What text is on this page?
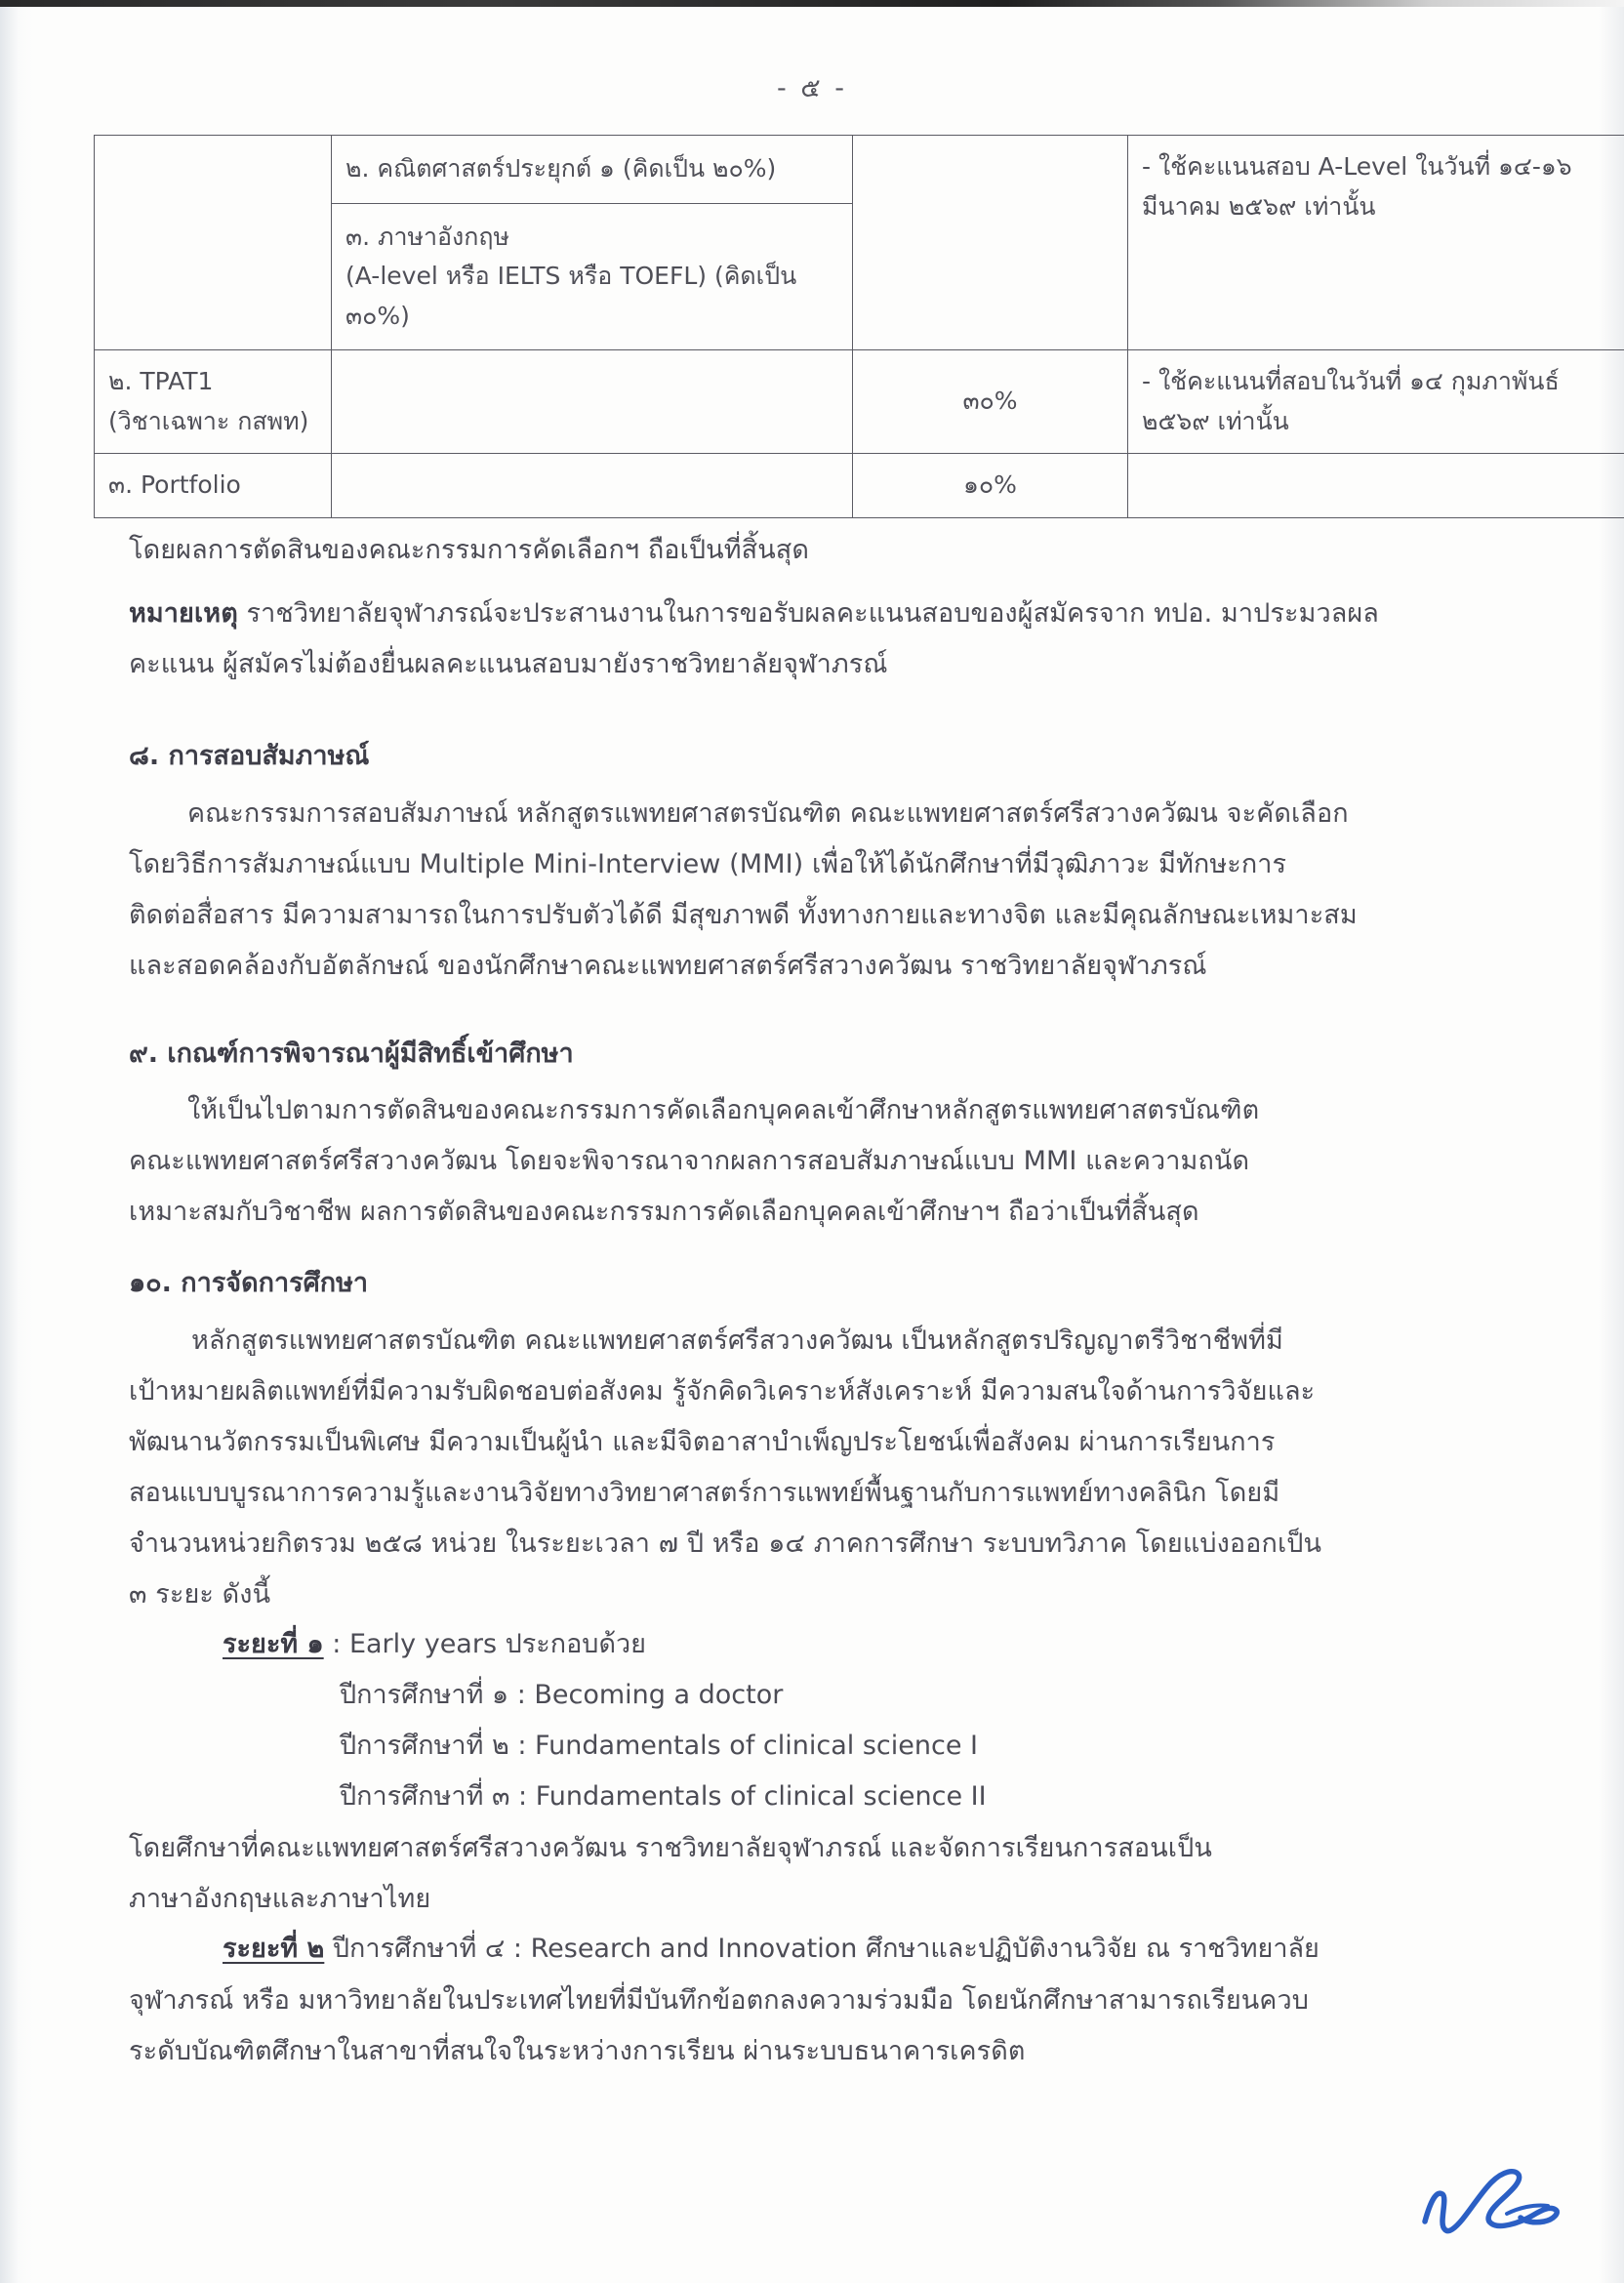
- ๕ -
	๒. คณิตศาสตร์ประยุกต์ ๑ (คิดเป็น ๒๐%)		- ใช้คะแนนสอบ A-Level ในวันที่ ๑๔-๑๖ มีนาคม ๒๕๖๙ เท่านั้น

	๓. ภาษาอังกฤษ
(A-level หรือ IELTS หรือ TOEFL) (คิดเป็น ๓๐%)		

๒. TPAT1
(วิชาเฉพาะ กสพท)		๓๐%	- ใช้คะแนนที่สอบในวันที่ ๑๔ กุมภาพันธ์ ๒๕๖๙ เท่านั้น
๓. Portfolio		๑๐%	
โดยผลการตัดสินของคณะกรรมการคัดเลือกฯ ถือเป็นที่สิ้นสุด
หมายเหตุ ราชวิทยาลัยจุฬาภรณ์จะประสานงานในการขอรับผลคะแนนสอบของผู้สมัครจาก ทปอ. มาประมวลผล
คะแนน ผู้สมัครไม่ต้องยื่นผลคะแนนสอบมายังราชวิทยาลัยจุฬาภรณ์
๘. การสอบสัมภาษณ์
คณะกรรมการสอบสัมภาษณ์ หลักสูตรแพทยศาสตรบัณฑิต คณะแพทยศาสตร์ศรีสวางควัฒน จะคัดเลือก
โดยวิธีการสัมภาษณ์แบบ Multiple Mini-Interview (MMI) เพื่อให้ได้นักศึกษาที่มีวุฒิภาวะ มีทักษะการ
ติดต่อสื่อสาร มีความสามารถในการปรับตัวได้ดี มีสุขภาพดี ทั้งทางกายและทางจิต และมีคุณลักษณะเหมาะสม
และสอดคล้องกับอัตลักษณ์ ของนักศึกษาคณะแพทยศาสตร์ศรีสวางควัฒน ราชวิทยาลัยจุฬาภรณ์
๙. เกณฑ์การพิจารณาผู้มีสิทธิ์เข้าศึกษา
ให้เป็นไปตามการตัดสินของคณะกรรมการคัดเลือกบุคคลเข้าศึกษาหลักสูตรแพทยศาสตรบัณฑิต
คณะแพทยศาสตร์ศรีสวางควัฒน โดยจะพิจารณาจากผลการสอบสัมภาษณ์แบบ MMI และความถนัด
เหมาะสมกับวิชาชีพ ผลการตัดสินของคณะกรรมการคัดเลือกบุคคลเข้าศึกษาฯ ถือว่าเป็นที่สิ้นสุด
๑๐. การจัดการศึกษา
หลักสูตรแพทยศาสตรบัณฑิต คณะแพทยศาสตร์ศรีสวางควัฒน เป็นหลักสูตรปริญญาตรีวิชาชีพที่มี
เป้าหมายผลิตแพทย์ที่มีความรับผิดชอบต่อสังคม รู้จักคิดวิเคราะห์สังเคราะห์ มีความสนใจด้านการวิจัยและ
พัฒนานวัตกรรมเป็นพิเศษ มีความเป็นผู้นำ และมีจิตอาสาบำเพ็ญประโยชน์เพื่อสังคม ผ่านการเรียนการ
สอนแบบบูรณาการความรู้และงานวิจัยทางวิทยาศาสตร์การแพทย์พื้นฐานกับการแพทย์ทางคลินิก โดยมี
จำนวนหน่วยกิตรวม ๒๕๘ หน่วย ในระยะเวลา ๗ ปี หรือ ๑๔ ภาคการศึกษา ระบบทวิภาค โดยแบ่งออกเป็น
๓ ระยะ ดังนี้
ระยะที่ ๑ : Early years ประกอบด้วย
ปีการศึกษาที่ ๑ : Becoming a doctor
ปีการศึกษาที่ ๒ : Fundamentals of clinical science I
ปีการศึกษาที่ ๓ : Fundamentals of clinical science II
โดยศึกษาที่คณะแพทยศาสตร์ศรีสวางควัฒน ราชวิทยาลัยจุฬาภรณ์ และจัดการเรียนการสอนเป็น
ภาษาอังกฤษและภาษาไทย
ระยะที่ ๒ ปีการศึกษาที่ ๔ : Research and Innovation ศึกษาและปฏิบัติงานวิจัย ณ ราชวิทยาลัย
จุฬาภรณ์ หรือ มหาวิทยาลัยในประเทศไทยที่มีบันทึกข้อตกลงความร่วมมือ โดยนักศึกษาสามารถเรียนควบ
ระดับบัณฑิตศึกษาในสาขาที่สนใจในระหว่างการเรียน ผ่านระบบธนาคารเครดิต
